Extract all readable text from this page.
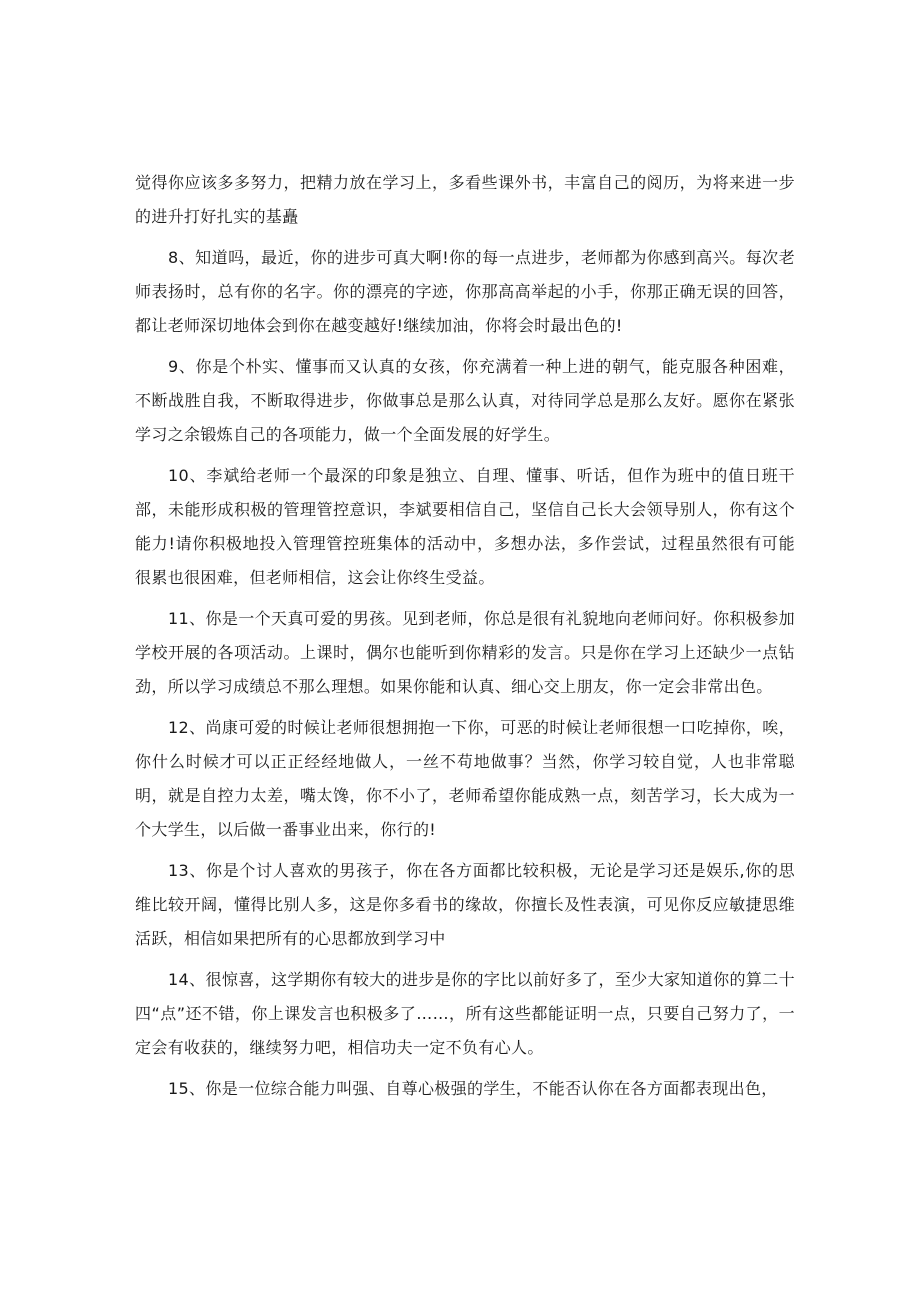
觉得你应该多多努力，把精力放在学习上，多看些课外书，丰富自己的阅历，为将来进一步的进升打好扎实的基矗

8、知道吗，最近，你的进步可真大啊!你的每一点进步，老师都为你感到高兴。每次老师表扬时，总有你的名字。你的漂亮的字迹，你那高高举起的小手，你那正确无误的回答，都让老师深切地体会到你在越变越好!继续加油，你将会时最出色的!

9、你是个朴实、懂事而又认真的女孩，你充满着一种上进的朝气，能克服各种困难，不断战胜自我，不断取得进步，你做事总是那么认真，对待同学总是那么友好。愿你在紧张学习之余锻炼自己的各项能力，做一个全面发展的好学生。

10、李斌给老师一个最深的印象是独立、自理、懂事、听话，但作为班中的值日班干部，未能形成积极的管理管控意识，李斌要相信自己，坚信自己长大会领导别人，你有这个能力!请你积极地投入管理管控班集体的活动中，多想办法，多作尝试，过程虽然很有可能很累也很困难，但老师相信，这会让你终生受益。

11、你是一个天真可爱的男孩。见到老师，你总是很有礼貌地向老师问好。你积极参加学校开展的各项活动。上课时，偶尔也能听到你精彩的发言。只是你在学习上还缺少一点钻劲，所以学习成绩总不那么理想。如果你能和认真、细心交上朋友，你一定会非常出色。

12、尚康可爱的时候让老师很想拥抱一下你，可恶的时候让老师很想一口吃掉你，唉，你什么时候才可以正正经经地做人，一丝不苟地做事？当然，你学习较自觉，人也非常聪明，就是自控力太差，嘴太馋，你不小了，老师希望你能成熟一点，刻苦学习，长大成为一个大学生，以后做一番事业出来，你行的!

13、你是个讨人喜欢的男孩子，你在各方面都比较积极，无论是学习还是娱乐,你的思维比较开阔，懂得比别人多，这是你多看书的缘故，你擅长及性表演，可见你反应敏捷思维活跃，相信如果把所有的心思都放到学习中

14、很惊喜，这学期你有较大的进步是你的字比以前好多了，至少大家知道你的算二十四“点”还不错，你上课发言也积极多了……，所有这些都能证明一点，只要自己努力了，一定会有收获的，继续努力吧，相信功夫一定不负有心人。

15、你是一位综合能力叫强、自尊心极强的学生，不能否认你在各方面都表现出色，
